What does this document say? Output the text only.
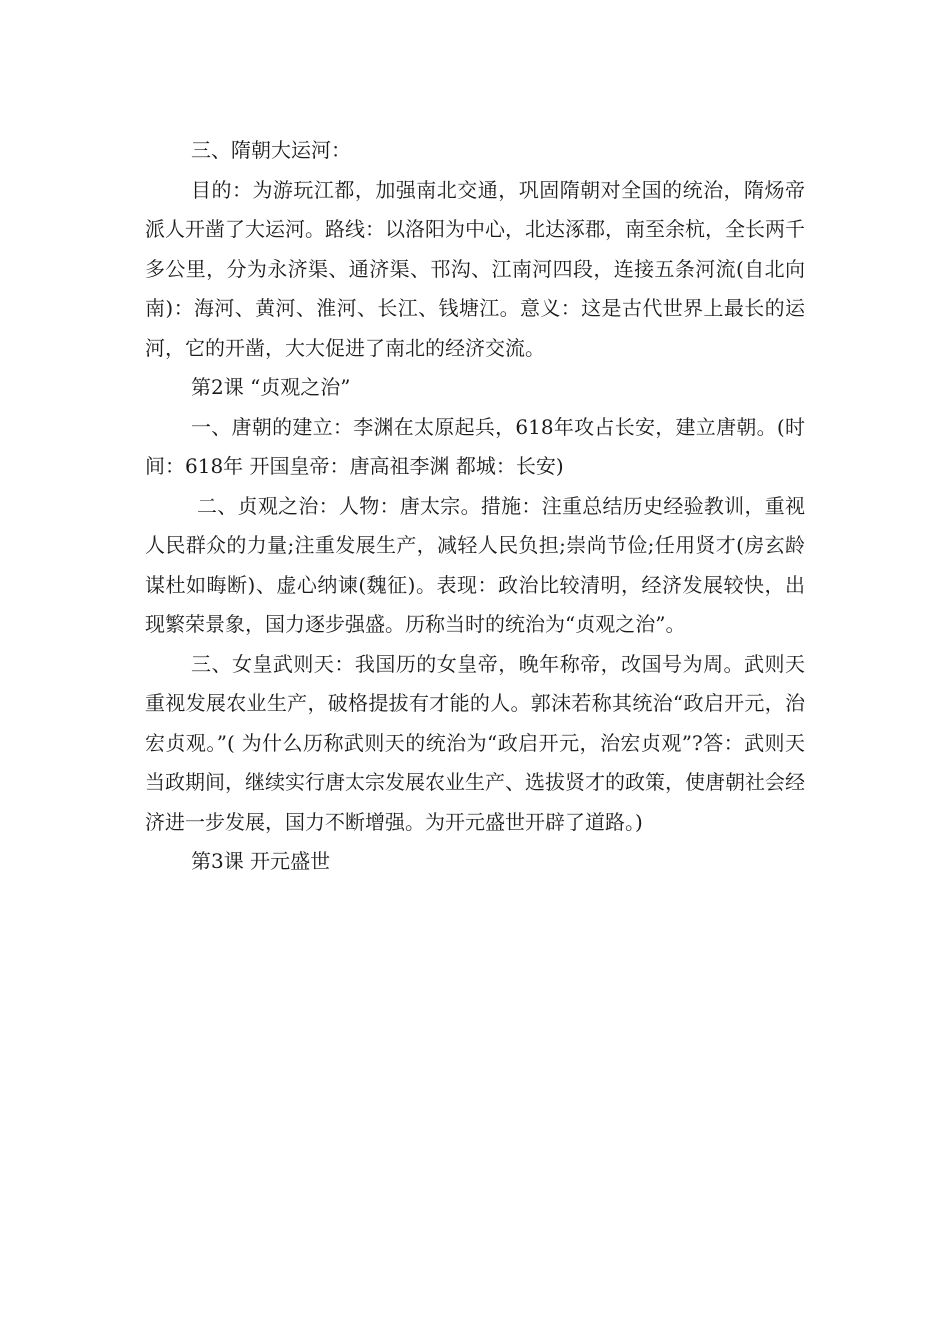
三、隋朝大运河：

目的：为游玩江都，加强南北交通，巩固隋朝对全国的统治，隋炀帝派人开凿了大运河。路线：以洛阳为中心，北达涿郡，南至余杭，全长两千多公里，分为永济渠、通济渠、邗沟、江南河四段，连接五条河流(自北向南)：海河、黄河、淮河、长江、钱塘江。意义：这是古代世界上最长的运河，它的开凿，大大促进了南北的经济交流。

第2课 “贞观之治”

一、唐朝的建立：李渊在太原起兵，618年攻占长安，建立唐朝。(时间：618年 开国皇帝：唐高祖李渊 都城：长安)

二、贞观之治：人物：唐太宗。措施：注重总结历史经验教训，重视人民群众的力量;注重发展生产，减轻人民负担;崇尚节俭;任用贤才(房玄龄谋杜如晦断)、虚心纳谏(魏征)。表现：政治比较清明，经济发展较快，出现繁荣景象，国力逐步强盛。历称当时的统治为“贞观之治”。

三、女皇武则天：我国历的女皇帝，晚年称帝，改国号为周。武则天重视发展农业生产，破格提拔有才能的人。郭沫若称其统治“政启开元，治宏贞观。”( 为什么历称武则天的统治为“政启开元，治宏贞观”?答：武则天当政期间，继续实行唐太宗发展农业生产、选拔贤才的政策，使唐朝社会经济进一步发展，国力不断增强。为开元盛世开辟了道路。)

第3课 开元盛世
